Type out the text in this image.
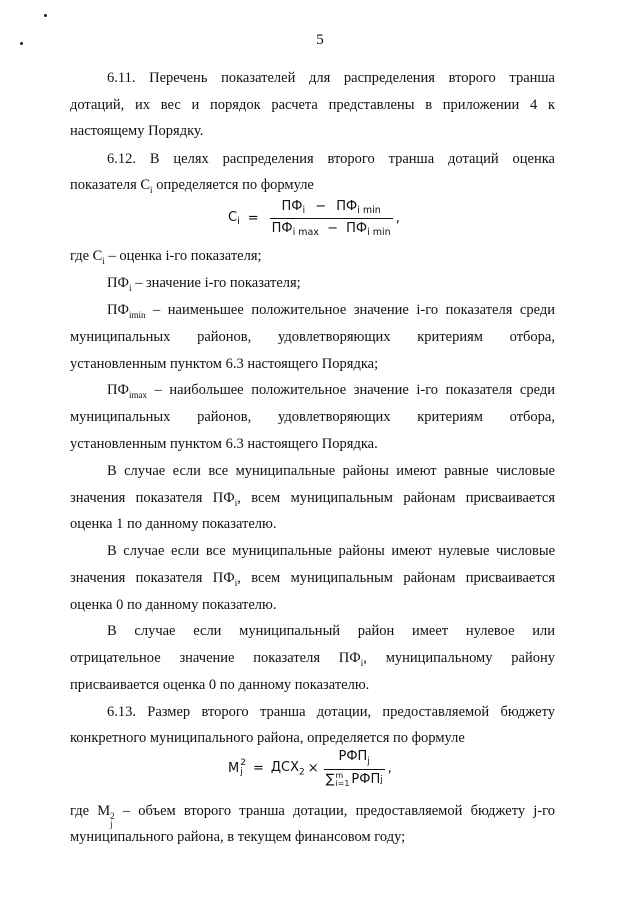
5
6.11. Перечень показателей для распределения второго транша
дотаций, их вес и порядок расчета представлены в приложении 4 к
настоящему Порядку.
6.12. В целях распределения второго транша дотаций оценка
показателя $C_i$ определяется по формуле
$C_i = \frac{ПФ_i - ПФ_{i min}}{ПФ_{i max} - ПФ_{i min}}$ ,
где $C_i$ – оценка i-го показателя;
$ПФ_i$ – значение i-го показателя;
$ПФ_{imin}$ – наименьшее положительное значение i-го показателя среди
муниципальных районов, удовлетворяющих критериям отбора,
установленным пунктом 6.3 настоящего Порядка;
$ПФ_{imax}$ – наибольшее положительное значение i-го показателя среди
муниципальных районов, удовлетворяющих критериям отбора,
установленным пунктом 6.3 настоящего Порядка.
В случае если все муниципальные районы имеют равные числовые
значения показателя $ПФ_i$, всем муниципальным районам присваивается
оценка 1 по данному показателю.
В случае если все муниципальные районы имеют нулевые числовые
значения показателя $ПФ_i$, всем муниципальным районам присваивается
оценка 0 по данному показателю.
В случае если муниципальный район имеет нулевое или
отрицательное значение показателя $ПФ_i$, муниципальному району
присваивается оценка 0 по данному показателю.
6.13. Размер второго транша дотации, предоставляемой бюджету
конкретного муниципального района, определяется по формуле
M 2
$j = ДСХ_2 \times РФП_j$
∑ m
i=1 РФП j ,
где M 2
j
– объем второго транша дотации, предоставляемой бюджету j-го
муниципального района, в текущем финансовом году;
